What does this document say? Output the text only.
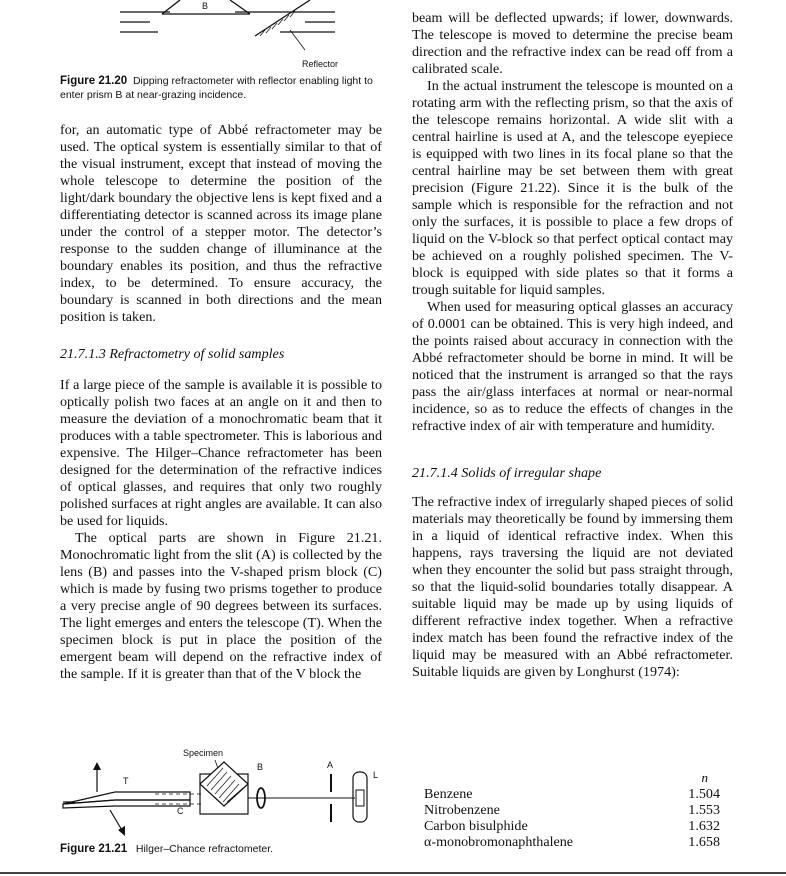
B
Reflector
Figure 21.20 Dipping refractometer with reflector enabling light to enter prism B at near-grazing incidence.

for, an automatic type of Abbé refractometer may be used. The optical system is essentially similar to that of the visual instrument, except that instead of moving the whole telescope to determine the position of the light/dark boundary the objective lens is kept fixed and a differentiating detector is scanned across its image plane under the control of a stepper motor. The detector’s response to the sudden change of illuminance at the boundary enables its position, and thus the refractive index, to be determined. To ensure accuracy, the boundary is scanned in both directions and the mean position is taken.

21.7.1.3 Refractometry of solid samples

If a large piece of the sample is available it is possible to optically polish two faces at an angle on it and then to measure the deviation of a monochromatic beam that it produces with a table spectrometer. This is laborious and expensive. The Hilger–Chance refractometer has been designed for the determination of the refractive indices of optical glasses, and requires that only two roughly polished surfaces at right angles are available. It can also be used for liquids.

The optical parts are shown in Figure 21.21. Monochromatic light from the slit (A) is collected by the lens (B) and passes into the V-shaped prism block (C) which is made by fusing two prisms together to produce a very precise angle of 90 degrees between its surfaces. The light emerges and enters the telescope (T). When the specimen block is put in place the position of the emergent beam will depend on the refractive index of the sample. If it is greater than that of the V block the

Specimen
T
C
B	A
L
Figure 21.21 Hilger–Chance refractometer.

beam will be deflected upwards; if lower, downwards. The telescope is moved to determine the precise beam direction and the refractive index can be read off from a calibrated scale.

In the actual instrument the telescope is mounted on a rotating arm with the reflecting prism, so that the axis of the telescope remains horizontal. A wide slit with a central hairline is used at A, and the telescope eyepiece is equipped with two lines in its focal plane so that the central hairline may be set between them with great precision (Figure 21.22). Since it is the bulk of the sample which is responsible for the refraction and not only the surfaces, it is possible to place a few drops of liquid on the V-block so that perfect optical contact may be achieved on a roughly polished specimen. The V-block is equipped with side plates so that it forms a trough suitable for liquid samples.

When used for measuring optical glasses an accuracy of 0.0001 can be obtained. This is very high indeed, and the points raised about accuracy in connection with the Abbé refractometer should be borne in mind. It will be noticed that the instrument is arranged so that the rays pass the air/glass interfaces at normal or near-normal incidence, so as to reduce the effects of changes in the refractive index of air with temperature and humidity.

21.7.1.4 Solids of irregular shape

The refractive index of irregularly shaped pieces of solid materials may theoretically be found by immersing them in a liquid of identical refractive index. When this happens, rays traversing the liquid are not deviated when they encounter the solid but pass straight through, so that the liquid-solid boundaries totally disappear. A suitable liquid may be made up by using liquids of different refractive index together. When a refractive index match has been found the refractive index of the liquid may be measured with an Abbé refractometer. Suitable liquids are given by Longhurst (1974):

	n
Benzene	1.504
Nitrobenzene	1.553
Carbon bisulphide	1.632
α-monobromonaphthalene	1.658
